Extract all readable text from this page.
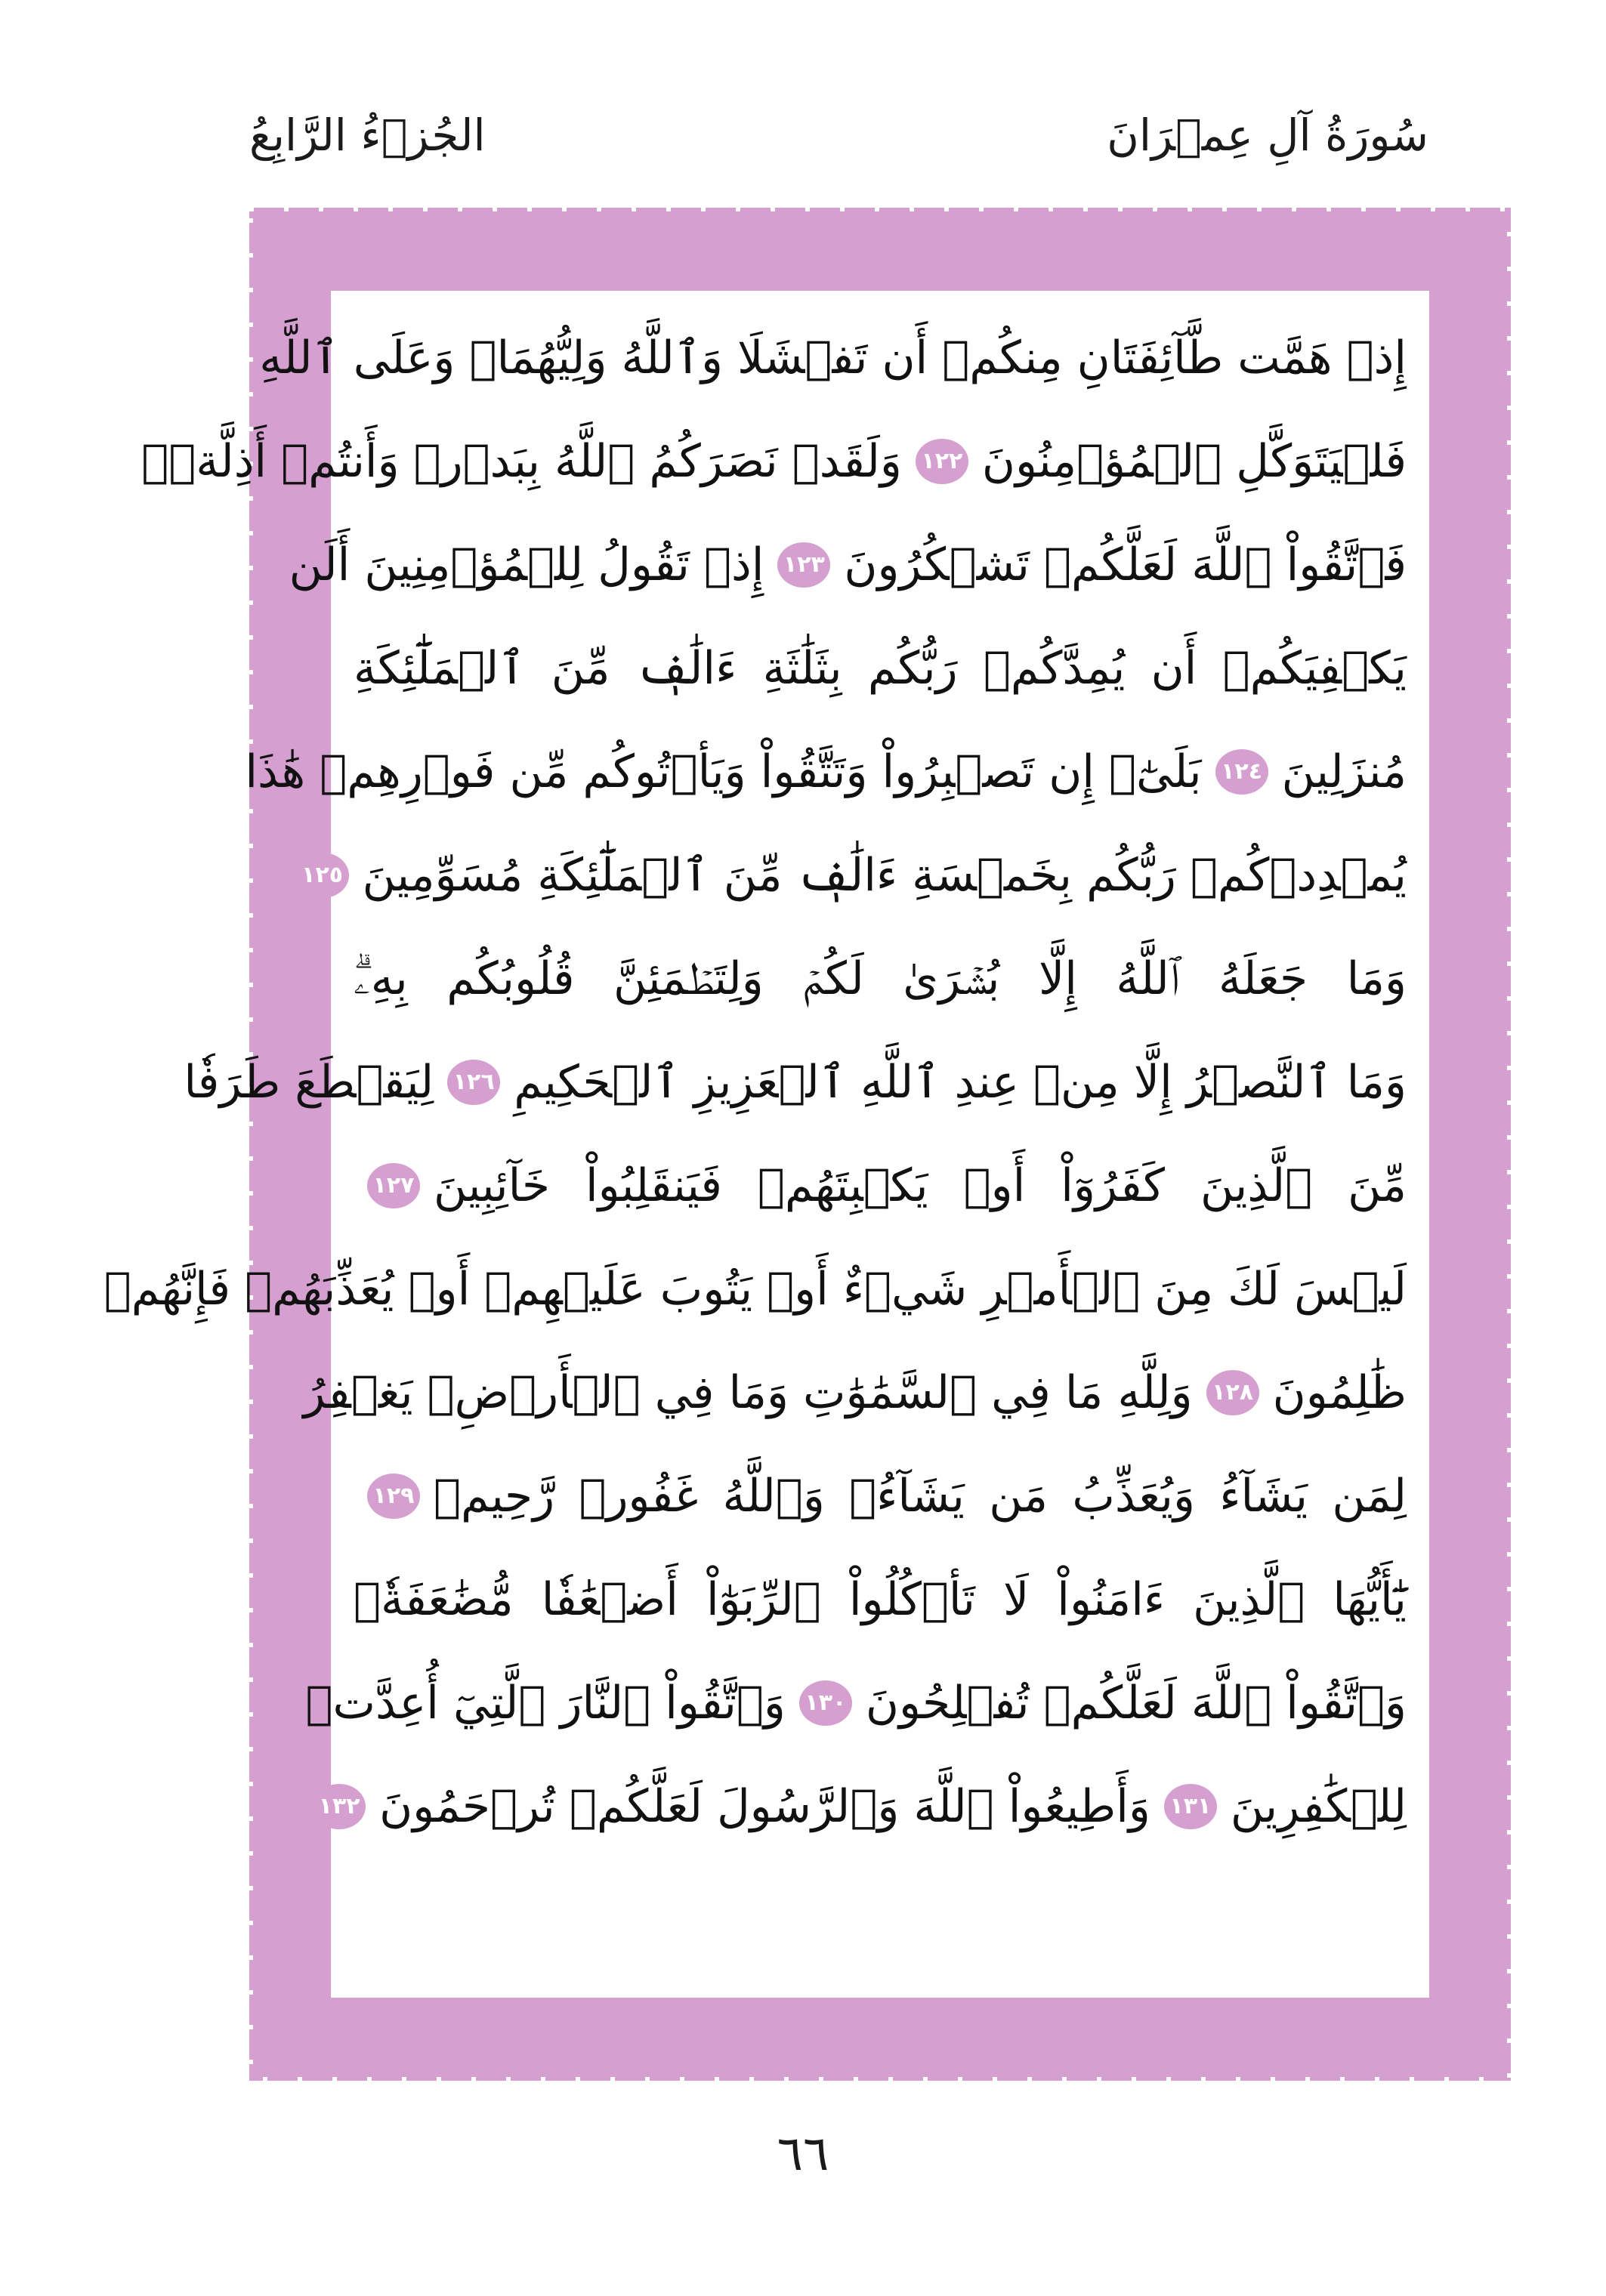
سُورَةُ آلِ عِمۡرَانَ
الجُزۡءُ الرَّابِعُ
إِذۡ هَمَّت طَّآئِفَتَانِ مِنكُمۡ أَن تَفۡشَلَا وَٱللَّهُ وَلِيُّهُمَاۗ وَعَلَى ٱللَّهِ
فَلۡيَتَوَكَّلِ ٱلۡمُؤۡمِنُونَ
١٢٢
وَلَقَدۡ نَصَرَكُمُ ٱللَّهُ بِبَدۡرٖ وَأَنتُمۡ أَذِلَّةٞۖ
فَٱتَّقُواْ ٱللَّهَ لَعَلَّكُمۡ تَشۡكُرُونَ
١٢٣
إِذۡ تَقُولُ لِلۡمُؤۡمِنِينَ أَلَن
يَكۡفِيَكُمۡ أَن يُمِدَّكُمۡ رَبُّكُم بِثَلَٰثَةِ ءَالَٰفٖ مِّنَ ٱلۡمَلَٰٓئِكَةِ
مُنزَلِينَ
١٢٤
بَلَىٰٓۚ إِن تَصۡبِرُواْ وَتَتَّقُواْ وَيَأۡتُوكُم مِّن فَوۡرِهِمۡ هَٰذَا
يُمۡدِدۡكُمۡ رَبُّكُم بِخَمۡسَةِ ءَالَٰفٖ مِّنَ ٱلۡمَلَٰٓئِكَةِ مُسَوِّمِينَ
١٢٥
وَمَا جَعَلَهُ ٱللَّهُ إِلَّا بُشۡرَىٰ لَكُمۡ وَلِتَطۡمَئِنَّ قُلُوبُكُم بِهِۦۗ
وَمَا ٱلنَّصۡرُ إِلَّا مِنۡ عِندِ ٱللَّهِ ٱلۡعَزِيزِ ٱلۡحَكِيمِ
١٢٦
لِيَقۡطَعَ طَرَفٗا
مِّنَ ٱلَّذِينَ كَفَرُوٓاْ أَوۡ يَكۡبِتَهُمۡ فَيَنقَلِبُواْ خَآئِبِينَ
١٢٧
لَيۡسَ لَكَ مِنَ ٱلۡأَمۡرِ شَيۡءٌ أَوۡ يَتُوبَ عَلَيۡهِمۡ أَوۡ يُعَذِّبَهُمۡ فَإِنَّهُمۡ
ظَٰلِمُونَ
١٢٨
وَلِلَّهِ مَا فِي ٱلسَّمَٰوَٰتِ وَمَا فِي ٱلۡأَرۡضِۚ يَغۡفِرُ
لِمَن يَشَآءُ وَيُعَذِّبُ مَن يَشَآءُۚ وَٱللَّهُ غَفُورٞ رَّحِيمٞ
١٢٩
يَٰٓأَيُّهَا ٱلَّذِينَ ءَامَنُواْ لَا تَأۡكُلُواْ ٱلرِّبَوٰٓاْ أَضۡعَٰفٗا مُّضَٰعَفَةٗۖ
وَٱتَّقُواْ ٱللَّهَ لَعَلَّكُمۡ تُفۡلِحُونَ
١٣٠
وَٱتَّقُواْ ٱلنَّارَ ٱلَّتِيٓ أُعِدَّتۡ
لِلۡكَٰفِرِينَ
١٣١
وَأَطِيعُواْ ٱللَّهَ وَٱلرَّسُولَ لَعَلَّكُمۡ تُرۡحَمُونَ
١٣٢
٦٦
